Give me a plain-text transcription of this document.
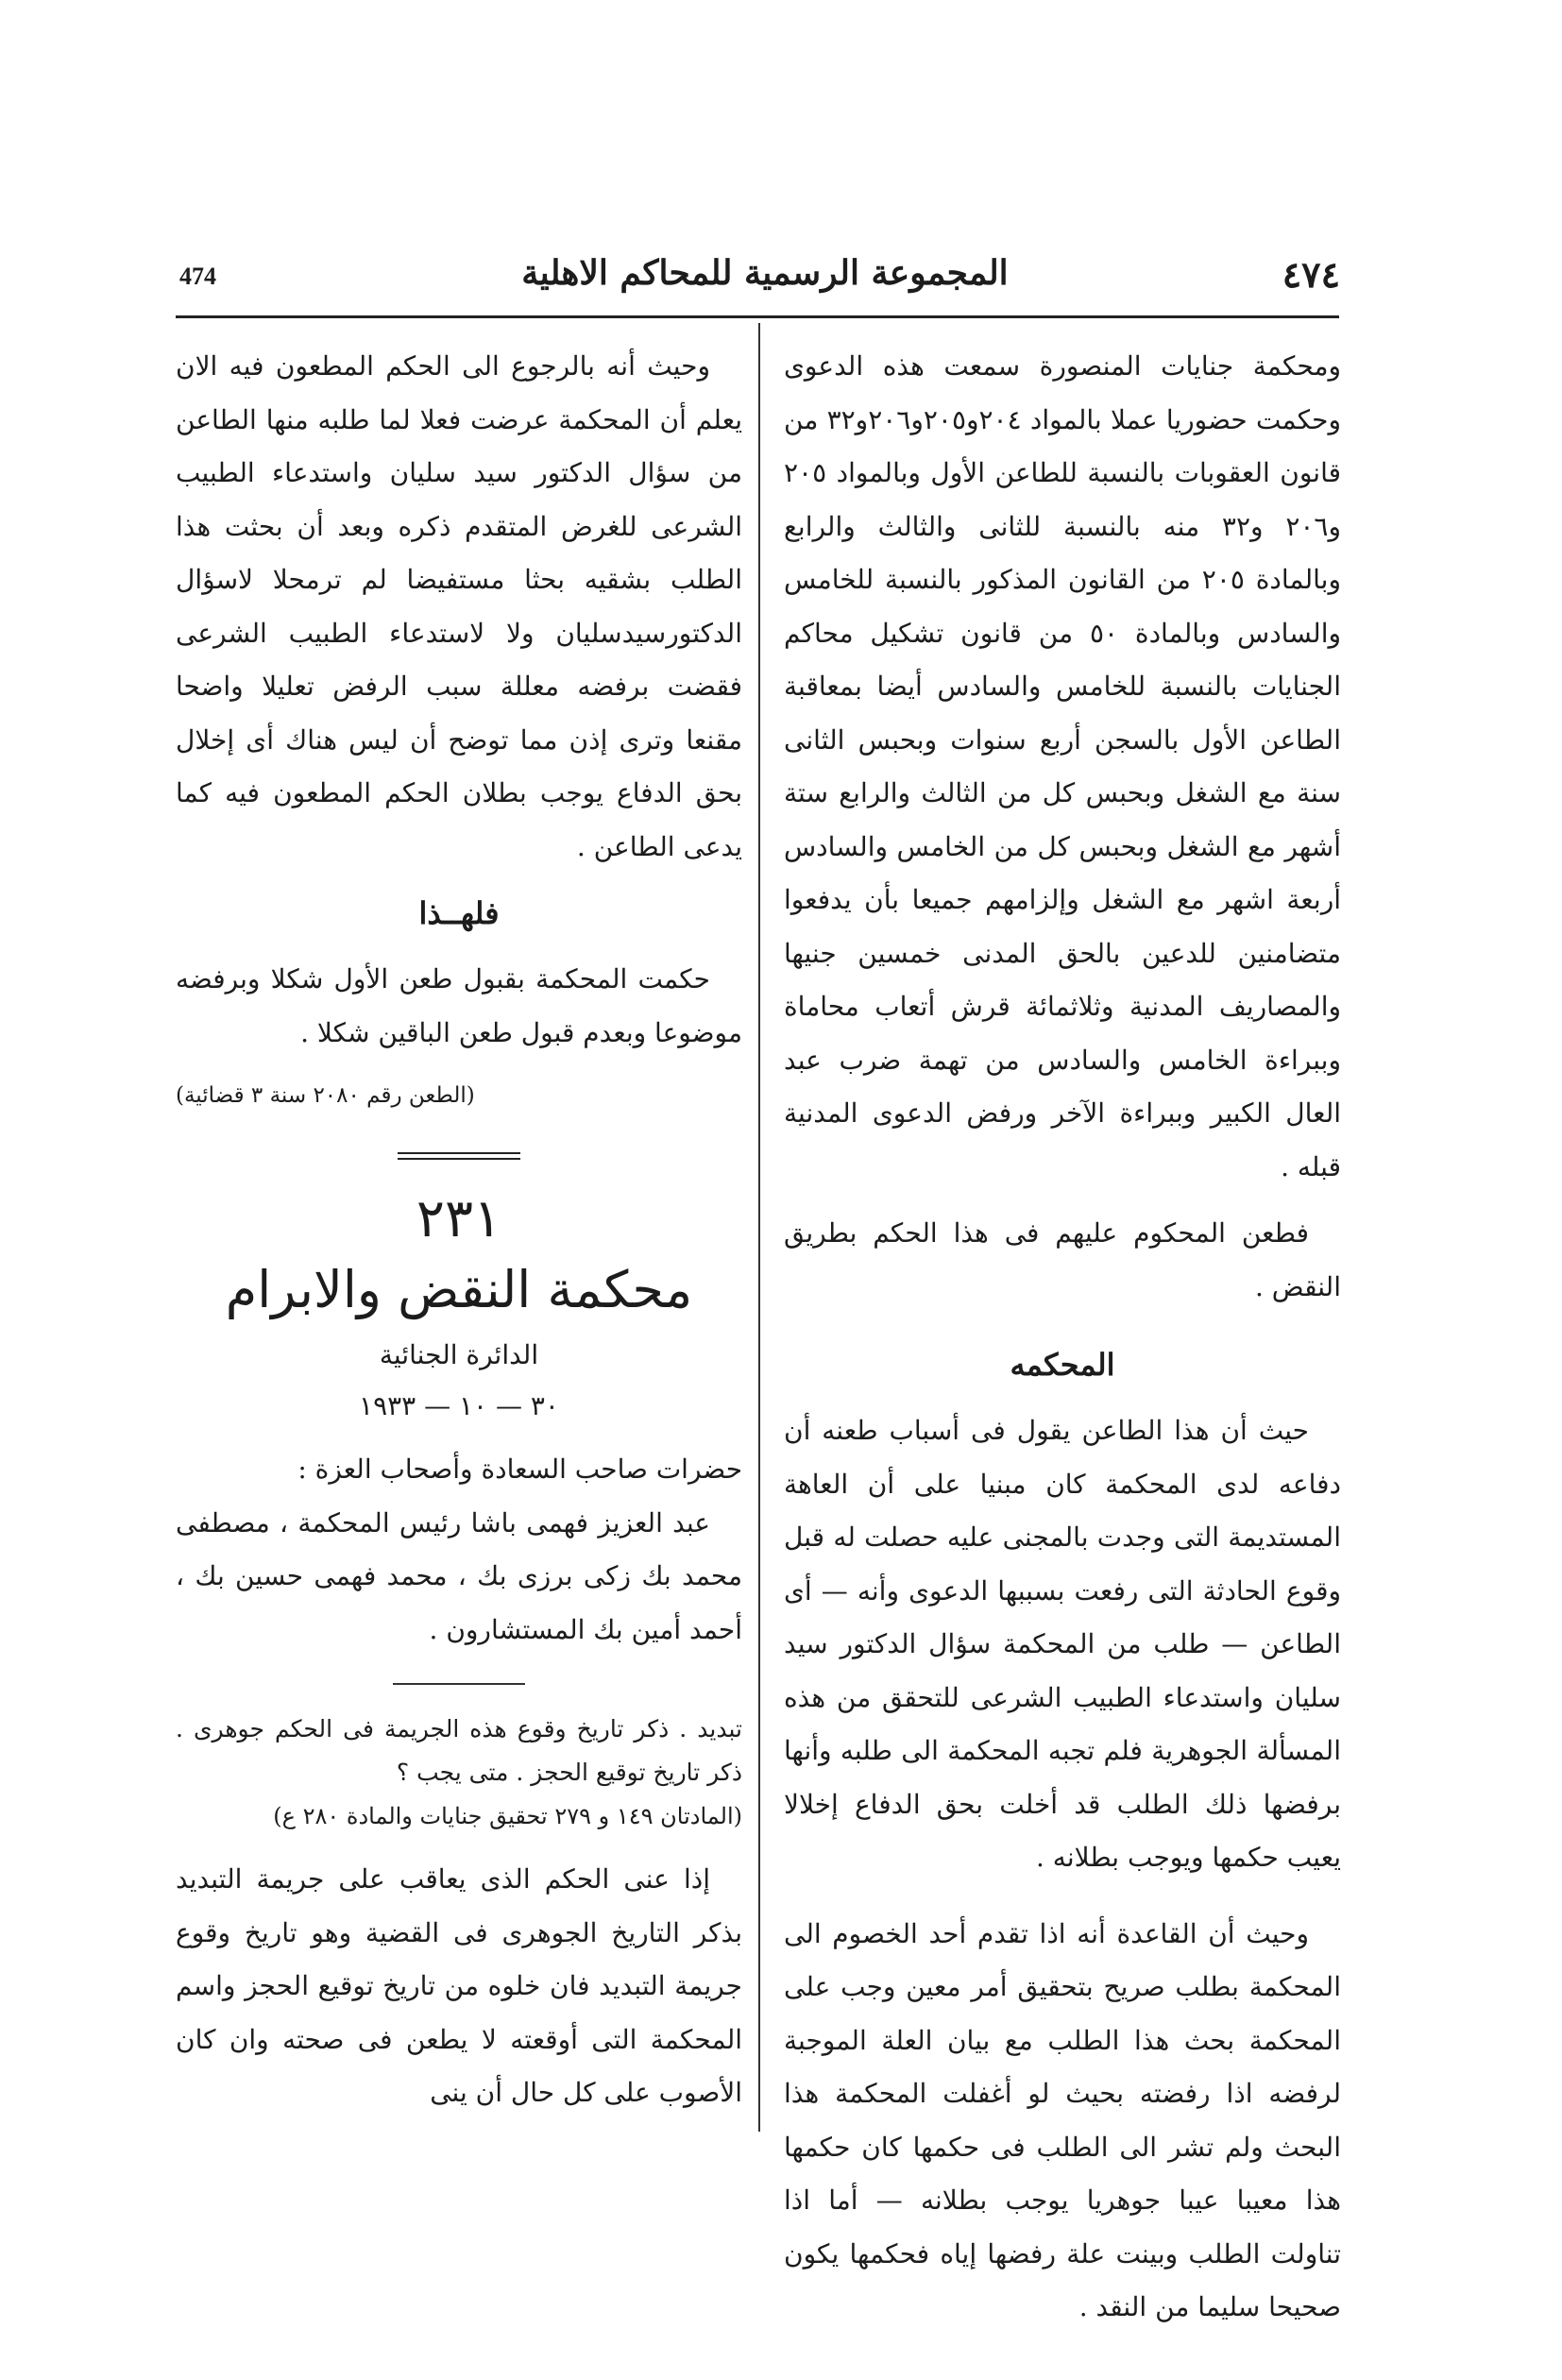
474	المجموعة الرسمية للمحاكم الاهلية	٤٧٤

ومحكمة جنايات المنصورة سمعت هذه الدعوى وحكمت حضوريا عملا بالمواد ٢٠٤و٢٠٥و٢٠٦و٣٢ من قانون العقوبات بالنسبة للطاعن الأول وبالمواد ٢٠٥ و٢٠٦ و٣٢ منه بالنسبة للثانى والثالث والرابع وبالمادة ٢٠٥ من القانون المذكور بالنسبة للخامس والسادس وبالمادة ٥٠ من قانون تشكيل محاكم الجنايات بالنسبة للخامس والسادس أيضا بمعاقبة الطاعن الأول بالسجن أربع سنوات وبحبس الثانى سنة مع الشغل وبحبس كل من الثالث والرابع ستة أشهر مع الشغل وبحبس كل من الخامس والسادس أربعة اشهر مع الشغل وإلزامهم جميعا بأن يدفعوا متضامنين للدعين بالحق المدنى خمسين جنيها والمصاريف المدنية وثلاثمائة قرش أتعاب محاماة وببراءة الخامس والسادس من تهمة ضرب عبد العال الكبير وببراءة الآخر ورفض الدعوى المدنية قبله .

فطعن المحكوم عليهم فى هذا الحكم بطريق النقض .

المحكمه

حيث أن هذا الطاعن يقول فى أسباب طعنه أن دفاعه لدى المحكمة كان مبنيا على أن العاهة المستديمة التى وجدت بالمجنى عليه حصلت له قبل وقوع الحادثة التى رفعت بسببها الدعوى وأنه — أى الطاعن — طلب من المحكمة سؤال الدكتور سيد سليان واستدعاء الطبيب الشرعى للتحقق من هذه المسألة الجوهرية فلم تجبه المحكمة الى طلبه وأنها برفضها ذلك الطلب قد أخلت بحق الدفاع إخلالا يعيب حكمها ويوجب بطلانه .

وحيث أن القاعدة أنه اذا تقدم أحد الخصوم الى المحكمة بطلب صريح بتحقيق أمر معين وجب على المحكمة بحث هذا الطلب مع بيان العلة الموجبة لرفضه اذا رفضته بحيث لو أغفلت المحكمة هذا البحث ولم تشر الى الطلب فى حكمها كان حكمها هذا معيبا عيبا جوهريا يوجب بطلانه — أما اذا تناولت الطلب وبينت علة رفضها إياه فحكمها يكون صحيحا سليما من النقد .

وحيث أنه بالرجوع الى الحكم المطعون فيه الان يعلم أن المحكمة عرضت فعلا لما طلبه منها الطاعن من سؤال الدكتور سيد سليان واستدعاء الطبيب الشرعى للغرض المتقدم ذكره وبعد أن بحثت هذا الطلب بشقيه بحثا مستفيضا لم ترمحلا لاسؤال الدكتورسيدسليان ولا لاستدعاء الطبيب الشرعى فقضت برفضه معللة سبب الرفض تعليلا واضحا مقنعا وترى إذن مما توضح أن ليس هناك أى إخلال بحق الدفاع يوجب بطلان الحكم المطعون فيه كما يدعى الطاعن .

فلهــذا

حكمت المحكمة بقبول طعن الأول شكلا وبرفضه موضوعا وبعدم قبول طعن الباقين شكلا .

(الطعن رقم ٢٠٨٠ سنة ٣ قضائية)

٢٣١

محكمة النقض والابرام

الدائرة الجنائية

٣٠ — ١٠ — ١٩٣٣

حضرات صاحب السعادة وأصحاب العزة :

عبد العزيز فهمى باشا رئيس المحكمة ، مصطفى محمد بك زكى برزى بك ، محمد فهمى حسين بك ، أحمد أمين بك المستشارون .

تبديد . ذكر تاريخ وقوع هذه الجريمة فى الحكم جوهرى . ذكر تاريخ توقيع الحجز . متى يجب ؟

(المادتان ١٤٩ و ٢٧٩ تحقيق جنايات والمادة ٢٨٠ ع)

إذا عنى الحكم الذى يعاقب على جريمة التبديد بذكر التاريخ الجوهرى فى القضية وهو تاريخ وقوع جريمة التبديد فان خلوه من تاريخ توقيع الحجز واسم المحكمة التى أوقعته لا يطعن فى صحته وان كان الأصوب على كل حال أن ينى
